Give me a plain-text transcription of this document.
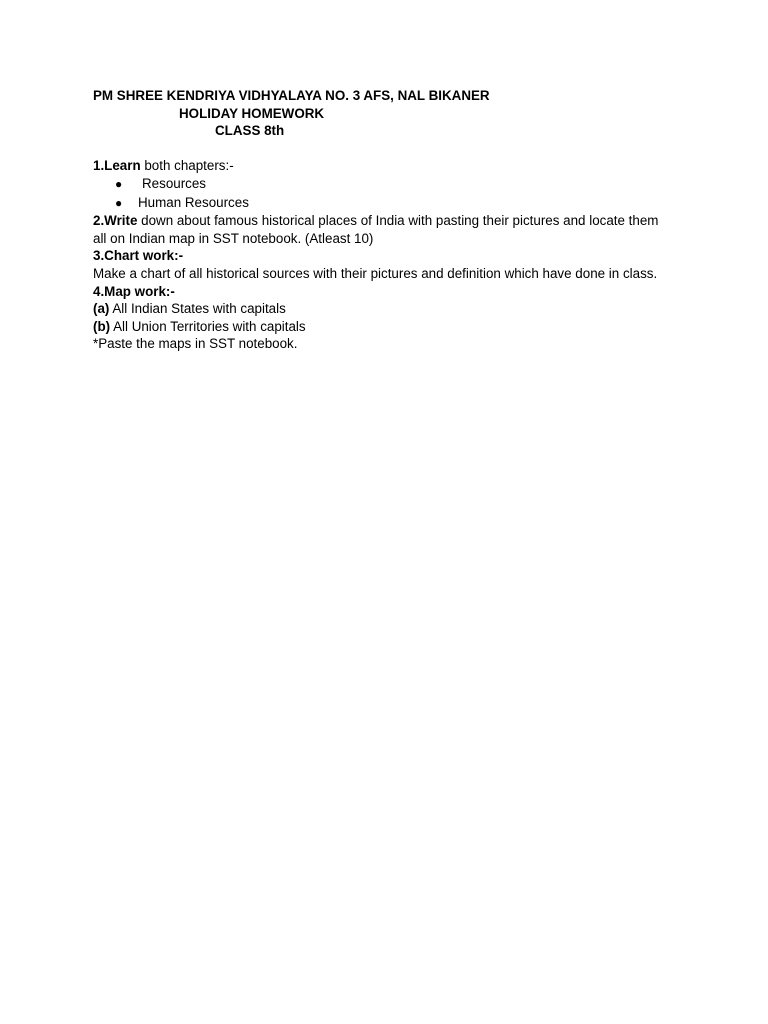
PM SHREE KENDRIYA VIDHYALAYA NO. 3 AFS, NAL BIKANER
HOLIDAY HOMEWORK
CLASS 8th
1.Learn both chapters:-
●	Resources
●	Human Resources
2.Write down about famous historical places of India with pasting their pictures and locate them all on Indian map in SST notebook. (Atleast 10)
3.Chart work:-
Make a chart of all historical sources with their pictures and definition which have done in class.
4.Map work:-
(a) All Indian States with capitals
(b) All Union Territories with capitals
*Paste the maps in SST notebook.
